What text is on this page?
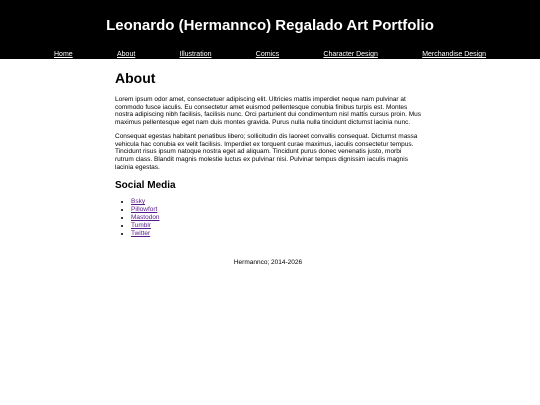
Leonardo (Hermannco) Regalado Art Portfolio
Home	About	Illustration	Comics	Character Design	Merchandise Design
About

Lorem ipsum odor amet, consectetuer adipiscing elit. Ultricies mattis imperdiet neque nam pulvinar at commodo fusce iaculis. Eu consectetur amet euismod pellentesque conubia finibus turpis est. Montes nostra adipiscing nibh facilisis, facilisis nunc. Orci parturient dui condimentum nisl mattis cursus proin. Mus maximus pellentesque eget nam duis montes gravida. Purus nulla nulla tincidunt dictumst lacinia nunc.

Consequat egestas habitant penatibus libero; sollicitudin dis laoreet convallis consequat. Dictumst massa vehicula hac conubia ex velit facilisis. Imperdiet ex torquent curae maximus, iaculis consectetur tempus. Tincidunt risus ipsum natoque nostra eget ad aliquam. Tincidunt purus donec venenatis justo, morbi rutrum class. Blandit magnis molestie luctus ex pulvinar nisi. Pulvinar tempus dignissim iaculis magnis lacinia egestas.

Social Media
• Bsky
• Pillowfort
• Mastodon
• Tumblr
• Twitter
Hermannco; 2014-2026
